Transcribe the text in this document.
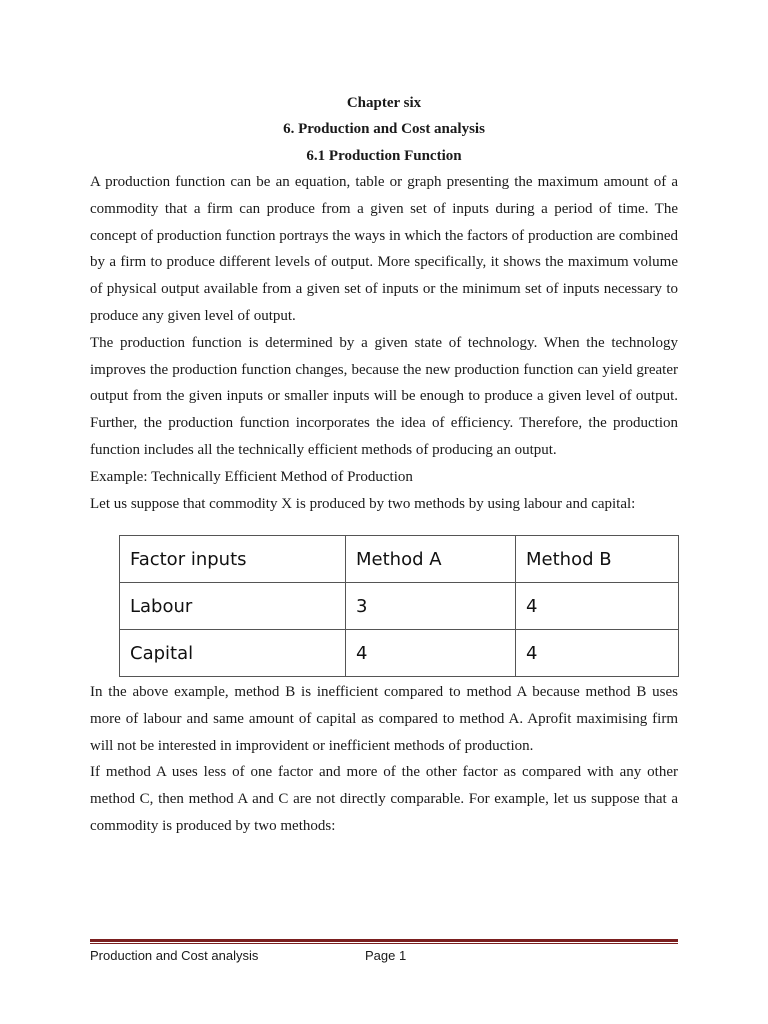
Chapter six
6. Production and Cost analysis
6.1 Production Function

A production function can be an equation, table or graph presenting the maximum amount of a commodity that a firm can produce from a given set of inputs during a period of time. The concept of production function portrays the ways in which the factors of production are combined by a firm to produce different levels of output. More specifically, it shows the maximum volume of physical output available from a given set of inputs or the minimum set of inputs necessary to produce any given level of output.

The production function is determined by a given state of technology. When the technology improves the production function changes, because the new production function can yield greater output from the given inputs or smaller inputs will be enough to produce a given level of output. Further, the production function incorporates the idea of efficiency. Therefore, the production function includes all the technically efficient methods of producing an output.

Example: Technically Efficient Method of Production

Let us suppose that commodity X is produced by two methods by using labour and capital:

Factor inputs	Method A	Method B
Labour	3	4
Capital	4	4

In the above example, method B is inefficient compared to method A because method B uses more of labour and same amount of capital as compared to method A. Aprofit maximising firm will not be interested in improvident or inefficient methods of production.

If method A uses less of one factor and more of the other factor as compared with any other method C, then method A and C are not directly comparable. For example, let us suppose that a commodity is produced by two methods:

Production and Cost analysis	Page 1
